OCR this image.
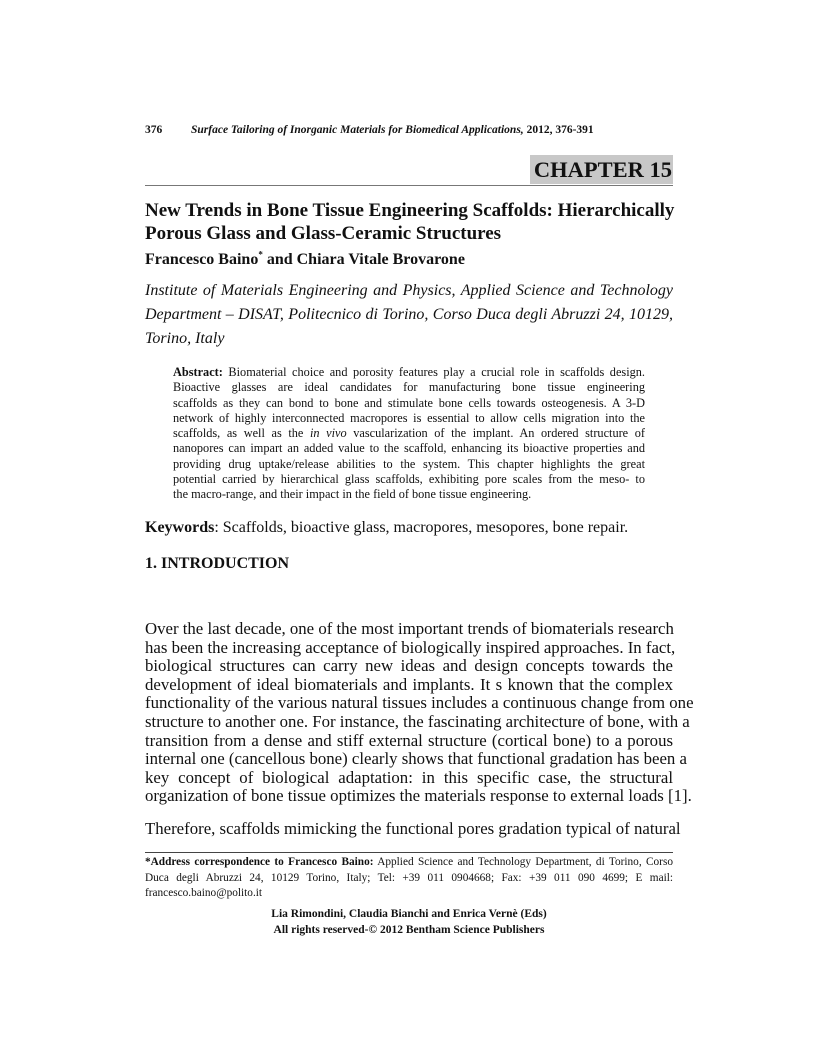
376	Surface Tailoring of Inorganic Materials for Biomedical Applications, 2012, 376-391
CHAPTER 15
New Trends in Bone Tissue Engineering Scaffolds: Hierarchically
Porous Glass and Glass-Ceramic Structures
Francesco Baino* and Chiara Vitale Brovarone
Institute of Materials Engineering and Physics, Applied Science and Technology
Department – DISAT, Politecnico di Torino, Corso Duca degli Abruzzi 24, 10129,
Torino, Italy
Abstract: Biomaterial choice and porosity features play a crucial role in scaffolds design.
Bioactive glasses are ideal candidates for manufacturing bone tissue engineering
scaffolds as they can bond to bone and stimulate bone cells towards osteogenesis. A 3-D
network of highly interconnected macropores is essential to allow cells migration into the
scaffolds, as well as the in vivo vascularization of the implant. An ordered structure of
nanopores can impart an added value to the scaffold, enhancing its bioactive properties and
providing drug uptake/release abilities to the system. This chapter highlights the great
potential carried by hierarchical glass scaffolds, exhibiting pore scales from the meso- to
the macro-range, and their impact in the field of bone tissue engineering.
Keywords: Scaffolds, bioactive glass, macropores, mesopores, bone repair.
1. INTRODUCTION
Over the last decade, one of the most important trends of biomaterials research
has been the increasing acceptance of biologically inspired approaches. In fact,
biological structures can carry new ideas and design concepts towards the
development of ideal biomaterials and implants. It s known that the complex
functionality of the various natural tissues includes a continuous change from one
structure to another one. For instance, the fascinating architecture of bone, with a
transition from a dense and stiff external structure (cortical bone) to a porous
internal one (cancellous bone) clearly shows that functional gradation has been a
key concept of biological adaptation: in this specific case, the structural
organization of bone tissue optimizes the materials response to external loads [1].
Therefore, scaffolds mimicking the functional pores gradation typical of natural
*Address correspondence to Francesco Baino: Applied Science and Technology Department, di Torino, Corso
Duca degli Abruzzi 24, 10129 Torino, Italy; Tel: +39 011 0904668; Fax: +39 011 090 4699; E mail:
francesco.baino@polito.it
Lia Rimondini, Claudia Bianchi and Enrica Vernè (Eds)
All rights reserved-© 2012 Bentham Science Publishers
